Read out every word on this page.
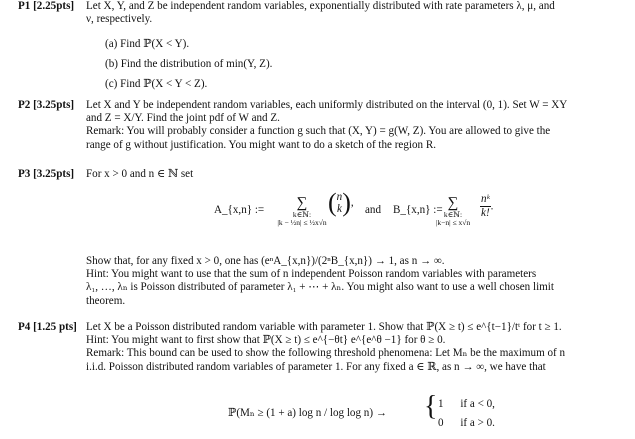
P1 [2.25pts] Let X, Y, and Z be independent random variables, exponentially distributed with rate parameters λ, μ, and
ν, respectively.
(a) Find ℙ(X < Y).
(b) Find the distribution of min(Y, Z).
(c) Find ℙ(X < Y < Z).
P2 [3.25pts] Let X and Y be independent random variables, each uniformly distributed on the interval (0, 1). Set W = XY
and Z = X/Y. Find the joint pdf of W and Z.
Remark: You will probably consider a function g such that (X, Y) = g(W, Z). You are allowed to give the
range of g without justification. You might want to do a sketch of the region R.
P3 [3.25pts] For x > 0 and n ∈ ℕ set
A_{x,n} :=	∑
k∈ℕ:
|k − ½n| ≤ ½x√n
(n
k),
and B_{x,n} := ∑
k∈ℕ:
|k−n| ≤ x√n
$\frac{\text{nᵏ}}{k!}$ .
Show that, for any fixed x > 0, one has (eⁿA_{x,n})/(2ⁿB_{x,n}) → 1, as n → ∞.
Hint: You might want to use that the sum of n independent Poisson random variables with parameters
λ₁, …, λₙ is Poisson distributed of parameter λ₁ + ⋯ + λₙ. You might also want to use a well chosen limit
theorem.
P4 [1.25 pts] Let X be a Poisson distributed random variable with parameter 1. Show that ℙ(X ≥ t) ≤ e^{t−1}/tᵗ for t ≥ 1.
Hint: You might want to first show that ℙ(X ≥ t) ≤ e^{−θt} e^{e^θ −1} for θ ≥ 0.
Remark: This bound can be used to show the following threshold phenomena: Let Mₙ be the maximum of n
i.i.d. Poisson distributed random variables of parameter 1. For any fixed a ∈ ℝ, as n → ∞, we have that
ℙ(Mₙ ≥ (1 + a) log n / log log n) → { 1 if a < 0,
0 if a > 0.
